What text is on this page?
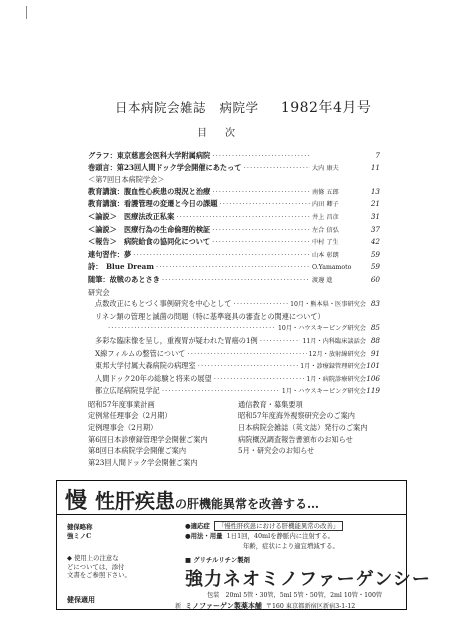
日本病院会雑誌 病院学 1982年4月号
目次
グラフ：東京慈恵会医科大学附属病院 ·····	7
巻頭言：第23回人間ドック学会開催にあたって ·····	大内 康夫	11
＜第7回日本病院学会＞
教育講演：腹血性心疾患の現況と治療 ·····	南條 五郎	13
教育講演：看護管理の変遷と今日の課題 ·····	内田 卿子	21
＜論説＞　医療法改正私案 ·····	井上 昌彦	31
＜論説＞　医療行為の生命倫理的検証 ·····	左合 信弘	37
＜報告＞　病院給食の協同化について ·····	中村 了生	42
連句習作：夢 ·····	山本 彰朗	59
詩：　Blue Dream ·····	O.Yamamoto	59
随筆：故戦のあとさき ·····	渡邊 進	60
研究会
点数改正にもとづく事例研究を中心として ·····	10月・熊本県・医事研究会 83
リネン類の管理と滅菌の問題（特に基準寝具の審査との関連について）
·····
10月・ハウスキーピング研究会 85
多彩な臨床像を呈し，重複胃が疑われた胃癌の1例 ·····	11月・内科臨床談話会 88
X線フィルムの整管について ·····	12月・放射線研究会 91
東邦大学付属大森病院の病理室 ·····	1月・診療録管理研究会 101
人間ドック20年の総験と将来の展望 ·····	1月・病院診療研究会 106
都立広尾病院見学記 ·····	1月・ハウスキーピング研究会 119
昭和57年度事業計画
定例常任理事会（2月期）
定例理事会（2月期）
第6回日本診療録管理学会開催ご案内
第8回日本病院学会開催ご案内
第23回人間ドック学会開催ご案内
通信教育・募集要項
昭和57年度海外視察研究会のご案内
日本病院会雑誌（英文誌）発行のご案内
病院概況調査報告書頒布のお知らせ
5月・研究会のお知らせ
慢 性肝疾患の肝機能異常を改善する…
健保略称
強ミノC
◆ 使用上の注意な
どについては、添付
文書をご参照下さい。
健保適用
●適応症 「慢性肝疾患における肝機能異常の改善」
●用法・用量 1日1回，40mlを静脈内に注射する。
年齢，症状により適宜増減する。
■ グリチルリチン製剤
強力ネオミノファーゲンシー
包装　20ml 5管・30管，5ml 5管・50管，2ml 10管・100管
新 ミノファーゲン製薬本舗 〒160 東京都新宿区新宿3-1-12
